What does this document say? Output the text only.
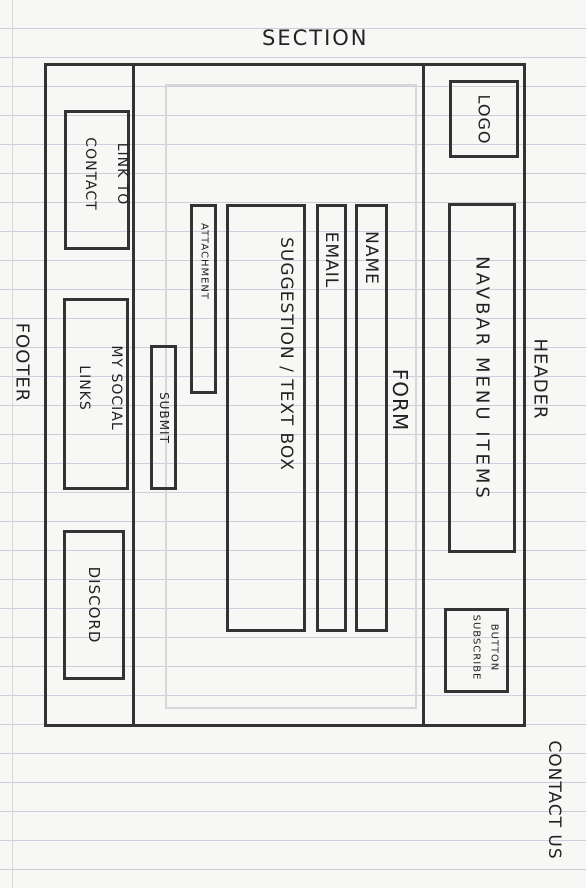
SECTION
FOOTER	HEADER
CONTACT US
LINK TO
CONTACT
MY SOCIAL
LINKS
DISCORD
SUBMIT
ATTACHMENT	SUGGESTION / TEXT BOX EMAIL NAME
FORM
LOGO
NAVBAR MENU ITEMS
BUTTON
SUBSCRIBE
